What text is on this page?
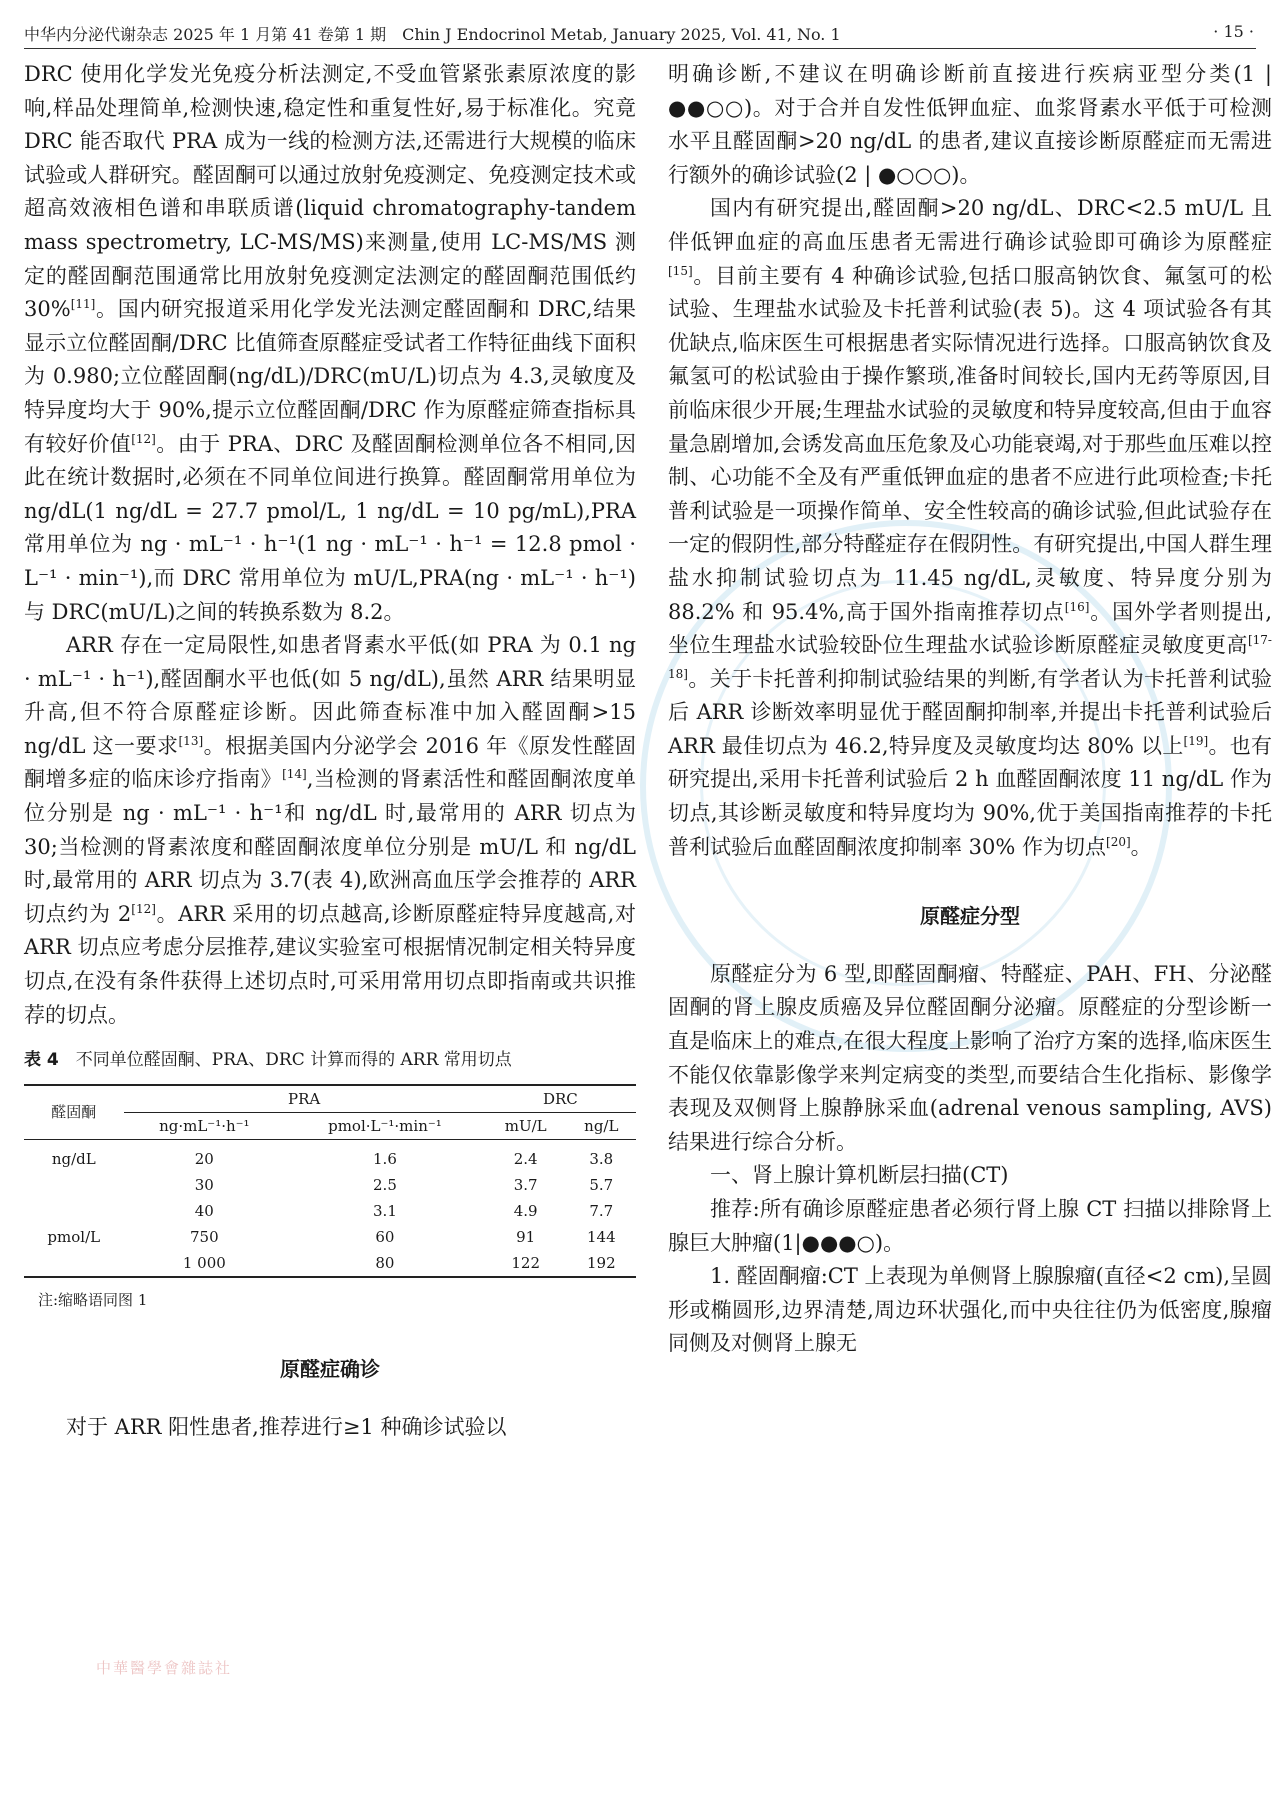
中华内分泌代谢杂志 2025 年 1 月第 41 卷第 1 期　Chin J Endocrinol Metab, January 2025, Vol. 41, No. 1	· 15 ·

DRC 使用化学发光免疫分析法测定,不受血管紧张素原浓度的影响,样品处理简单,检测快速,稳定性和重复性好,易于标准化。究竟 DRC 能否取代 PRA 成为一线的检测方法,还需进行大规模的临床试验或人群研究。醛固酮可以通过放射免疫测定、免疫测定技术或超高效液相色谱和串联质谱(liquid chromatography-tandem mass spectrometry, LC-MS/MS)来测量,使用 LC-MS/MS 测定的醛固酮范围通常比用放射免疫测定法测定的醛固酮范围低约 30%[11]。国内研究报道采用化学发光法测定醛固酮和 DRC,结果显示立位醛固酮/DRC 比值筛查原醛症受试者工作特征曲线下面积为 0.980;立位醛固酮(ng/dL)/DRC(mU/L)切点为 4.3,灵敏度及特异度均大于 90%,提示立位醛固酮/DRC 作为原醛症筛查指标具有较好价值[12]。由于 PRA、DRC 及醛固酮检测单位各不相同,因此在统计数据时,必须在不同单位间进行换算。醛固酮常用单位为 ng/dL(1 ng/dL = 27.7 pmol/L, 1 ng/dL = 10 pg/mL),PRA 常用单位为 ng · mL⁻¹ · h⁻¹(1 ng · mL⁻¹ · h⁻¹ = 12.8 pmol · L⁻¹ · min⁻¹),而 DRC 常用单位为 mU/L,PRA(ng · mL⁻¹ · h⁻¹)与 DRC(mU/L)之间的转换系数为 8.2。

ARR 存在一定局限性,如患者肾素水平低(如 PRA 为 0.1 ng · mL⁻¹ · h⁻¹),醛固酮水平也低(如 5 ng/dL),虽然 ARR 结果明显升高,但不符合原醛症诊断。因此筛查标准中加入醛固酮>15 ng/dL 这一要求[13]。根据美国内分泌学会 2016 年《原发性醛固酮增多症的临床诊疗指南》[14],当检测的肾素活性和醛固酮浓度单位分别是 ng · mL⁻¹ · h⁻¹和 ng/dL 时,最常用的 ARR 切点为 30;当检测的肾素浓度和醛固酮浓度单位分别是 mU/L 和 ng/dL 时,最常用的 ARR 切点为 3.7(表 4),欧洲高血压学会推荐的 ARR 切点约为 2[12]。ARR 采用的切点越高,诊断原醛症特异度越高,对 ARR 切点应考虑分层推荐,建议实验室可根据情况制定相关特异度切点,在没有条件获得上述切点时,可采用常用切点即指南或共识推荐的切点。

表 4　不同单位醛固酮、PRA、DRC 计算而得的 ARR 常用切点
醛固酮	PRA		DRC	
	ng·mL⁻¹·h⁻¹	pmol·L⁻¹·min⁻¹	mU/L	ng/L
ng/dL	20	1.6	2.4	3.8
	30	2.5	3.7	5.7
	40	3.1	4.9	7.7
pmol/L	750	60	91	144
	1 000	80	122	192
注:缩略语同图 1
原醛症确诊

对于 ARR 阳性患者,推荐进行≥1 种确诊试验以

明确诊断,不建议在明确诊断前直接进行疾病亚型分类(1 | ●●○○)。对于合并自发性低钾血症、血浆肾素水平低于可检测水平且醛固酮>20 ng/dL 的患者,建议直接诊断原醛症而无需进行额外的确诊试验(2 | ●○○○)。

国内有研究提出,醛固酮>20 ng/dL、DRC<2.5 mU/L 且伴低钾血症的高血压患者无需进行确诊试验即可确诊为原醛症[15]。目前主要有 4 种确诊试验,包括口服高钠饮食、氟氢可的松试验、生理盐水试验及卡托普利试验(表 5)。这 4 项试验各有其优缺点,临床医生可根据患者实际情况进行选择。口服高钠饮食及氟氢可的松试验由于操作繁琐,准备时间较长,国内无药等原因,目前临床很少开展;生理盐水试验的灵敏度和特异度较高,但由于血容量急剧增加,会诱发高血压危象及心功能衰竭,对于那些血压难以控制、心功能不全及有严重低钾血症的患者不应进行此项检查;卡托普利试验是一项操作简单、安全性较高的确诊试验,但此试验存在一定的假阴性,部分特醛症存在假阴性。有研究提出,中国人群生理盐水抑制试验切点为 11.45 ng/dL,灵敏度、特异度分别为 88.2% 和 95.4%,高于国外指南推荐切点[16]。国外学者则提出,坐位生理盐水试验较卧位生理盐水试验诊断原醛症灵敏度更高[17-18]。关于卡托普利抑制试验结果的判断,有学者认为卡托普利试验后 ARR 诊断效率明显优于醛固酮抑制率,并提出卡托普利试验后 ARR 最佳切点为 46.2,特异度及灵敏度均达 80% 以上[19]。也有研究提出,采用卡托普利试验后 2 h 血醛固酮浓度 11 ng/dL 作为切点,其诊断灵敏度和特异度均为 90%,优于美国指南推荐的卡托普利试验后血醛固酮浓度抑制率 30% 作为切点[20]。

原醛症分型

原醛症分为 6 型,即醛固酮瘤、特醛症、PAH、FH、分泌醛固酮的肾上腺皮质癌及异位醛固酮分泌瘤。原醛症的分型诊断一直是临床上的难点,在很大程度上影响了治疗方案的选择,临床医生不能仅依靠影像学来判定病变的类型,而要结合生化指标、影像学表现及双侧肾上腺静脉采血(adrenal venous sampling, AVS)结果进行综合分析。

一、肾上腺计算机断层扫描(CT)

推荐:所有确诊原醛症患者必须行肾上腺 CT 扫描以排除肾上腺巨大肿瘤(1|●●●○)。

1. 醛固酮瘤:CT 上表现为单侧肾上腺腺瘤(直径<2 cm),呈圆形或椭圆形,边界清楚,周边环状强化,而中央往往仍为低密度,腺瘤同侧及对侧肾上腺无

中華醫學會雜誌社
